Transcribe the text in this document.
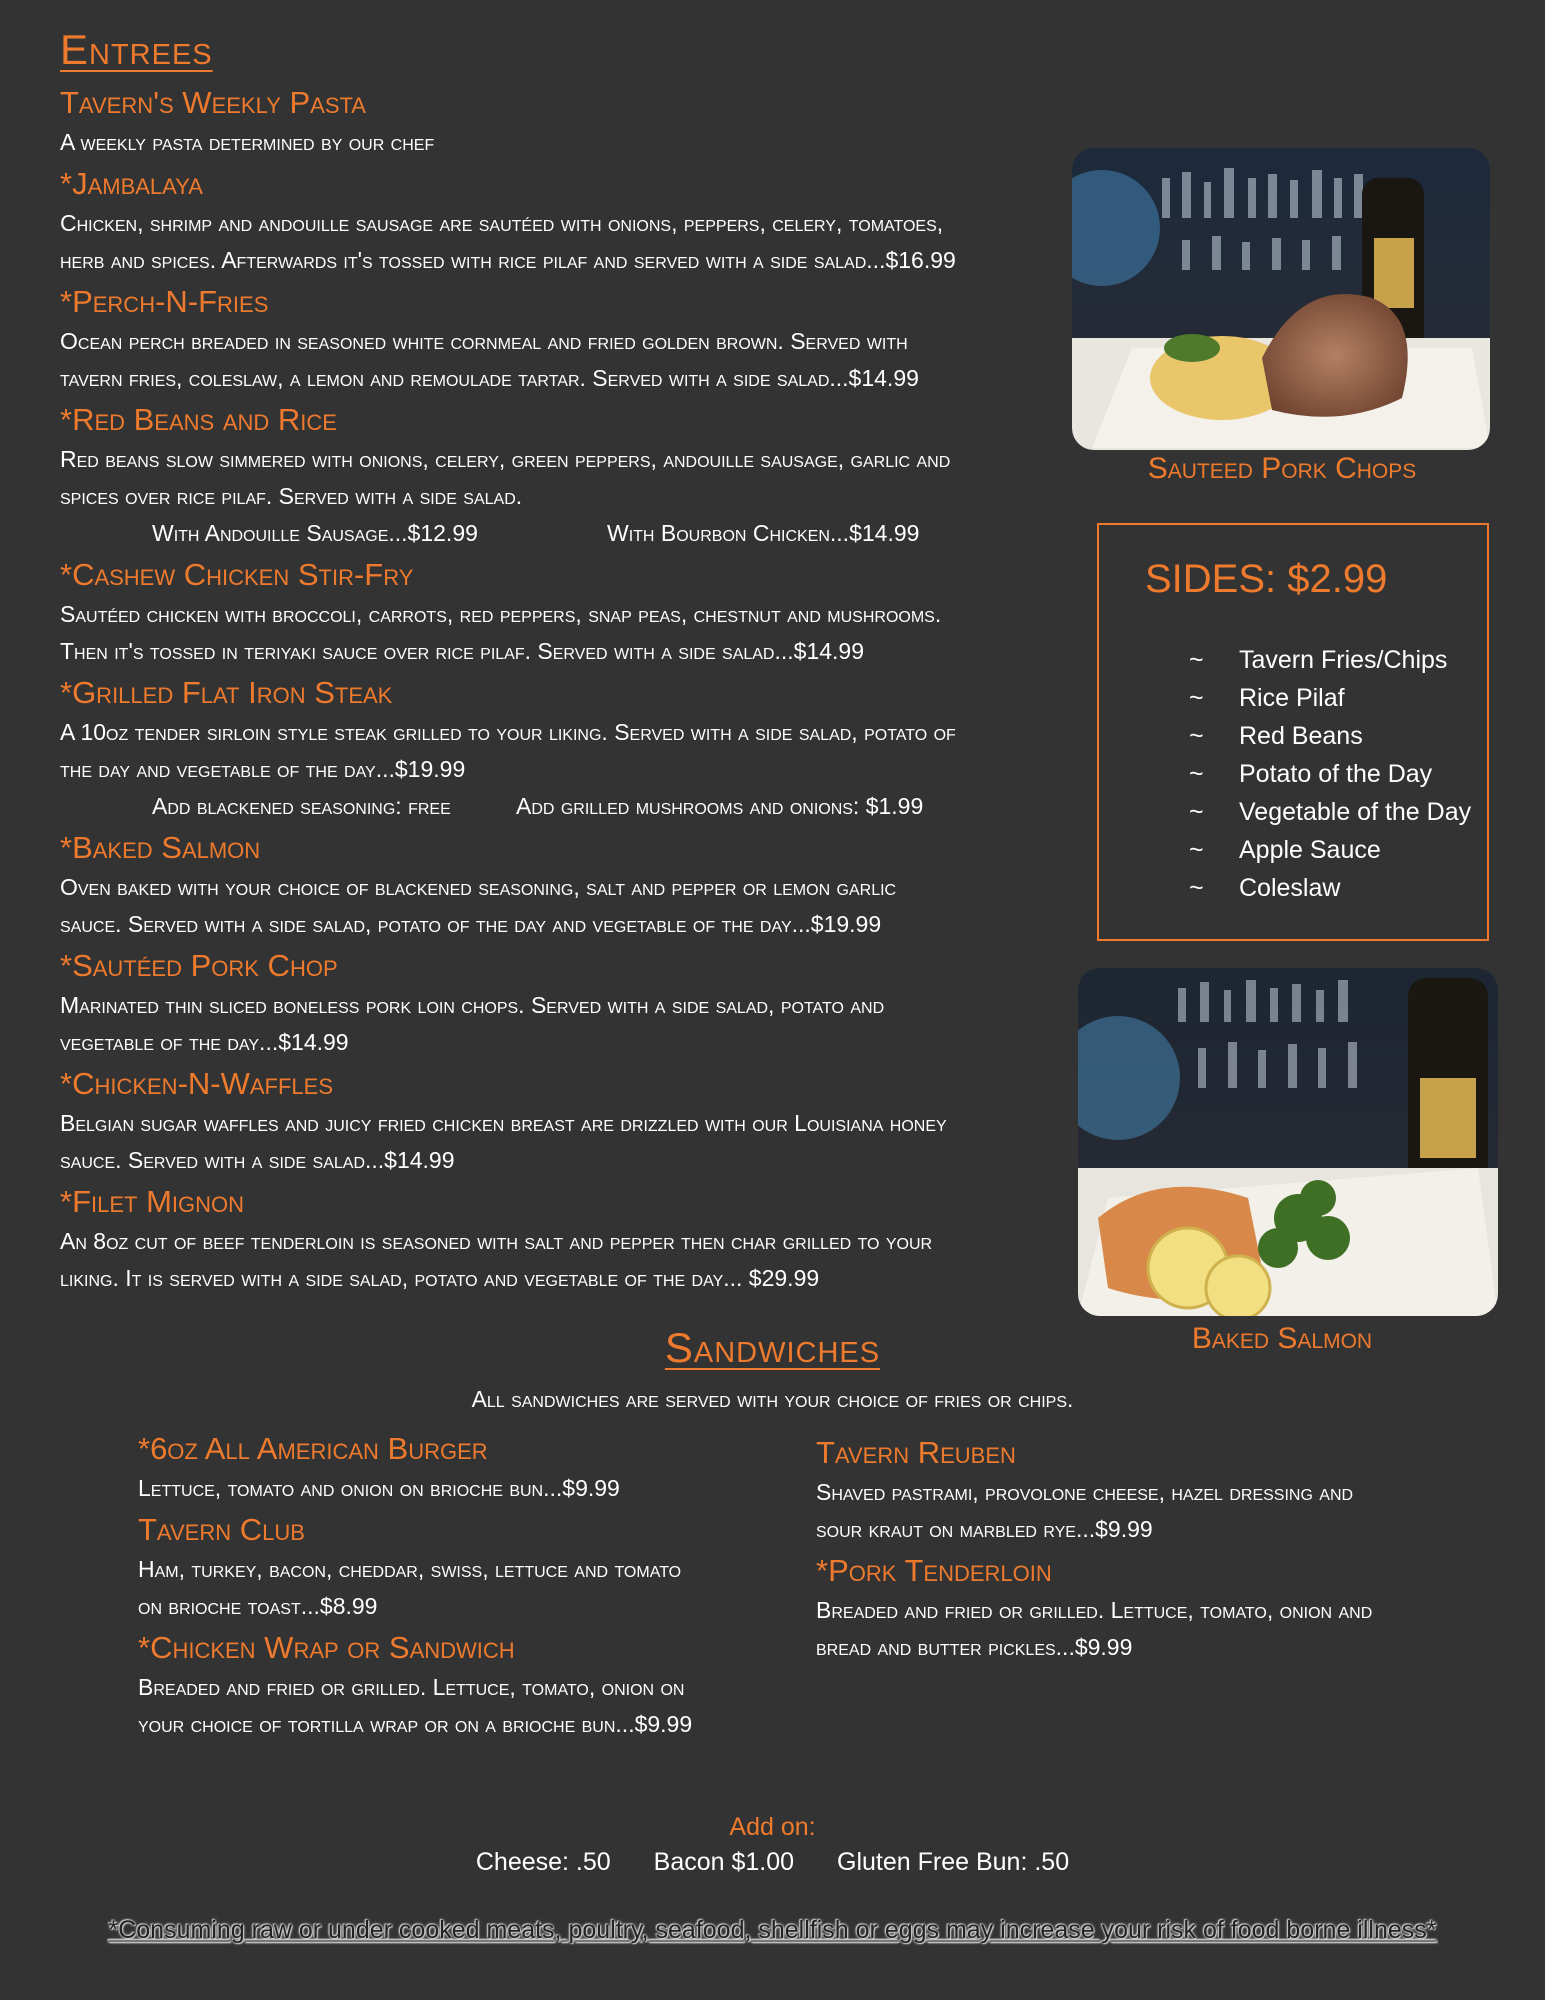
Entrees
Tavern's Weekly Pasta
A weekly pasta determined by our chef
*Jambalaya
Chicken, shrimp and andouille sausage are sautéed with onions, peppers, celery, tomatoes,
herb and spices. Afterwards it's tossed with rice pilaf and served with a side salad...$16.99
*Perch-N-Fries
Ocean perch breaded in seasoned white cornmeal and fried golden brown. Served with
tavern fries, coleslaw, a lemon and remoulade tartar. Served with a side salad...$14.99
*Red Beans and Rice
Red beans slow simmered with onions, celery, green peppers, andouille sausage, garlic and
spices over rice pilaf. Served with a side salad.
With Andouille Sausage...$12.99	With Bourbon Chicken...$14.99
*Cashew Chicken Stir-Fry
Sautéed chicken with broccoli, carrots, red peppers, snap peas, chestnut and mushrooms.
Then it's tossed in teriyaki sauce over rice pilaf. Served with a side salad...$14.99
*Grilled Flat Iron Steak
A 10oz tender sirloin style steak grilled to your liking. Served with a side salad, potato of
the day and vegetable of the day...$19.99
Add blackened seasoning: free	Add grilled mushrooms and onions: $1.99
*Baked Salmon
Oven baked with your choice of blackened seasoning, salt and pepper or lemon garlic
sauce. Served with a side salad, potato of the day and vegetable of the day...$19.99
*Sautéed Pork Chop
Marinated thin sliced boneless pork loin chops. Served with a side salad, potato and
vegetable of the day...$14.99
*Chicken-N-Waffles
Belgian sugar waffles and juicy fried chicken breast are drizzled with our Louisiana honey
sauce. Served with a side salad...$14.99
*Filet Mignon
An 8oz cut of beef tenderloin is seasoned with salt and pepper then char grilled to your
liking. It is served with a side salad, potato and vegetable of the day... $29.99
Sauteed Pork Chops
SIDES: $2.99
~ Tavern Fries/Chips
~ Rice Pilaf
~ Red Beans
~ Potato of the Day
~ Vegetable of the Day
~ Apple Sauce
~ Coleslaw
Baked Salmon
Sandwiches
All sandwiches are served with your choice of fries or chips.
*6oz All American Burger
Lettuce, tomato and onion on brioche bun...$9.99
Tavern Club
Ham, turkey, bacon, cheddar, swiss, lettuce and tomato
on brioche toast...$8.99
*Chicken Wrap or Sandwich
Breaded and fried or grilled. Lettuce, tomato, onion on
your choice of tortilla wrap or on a brioche bun...$9.99
Tavern Reuben
Shaved pastrami, provolone cheese, hazel dressing and
sour kraut on marbled rye...$9.99
*Pork Tenderloin
Breaded and fried or grilled. Lettuce, tomato, onion and
bread and butter pickles...$9.99
Add on:
Cheese: .50 Bacon $1.00 Gluten Free Bun: .50
*Consuming raw or under cooked meats, poultry, seafood, shellfish or eggs may increase your risk of food borne illness*
